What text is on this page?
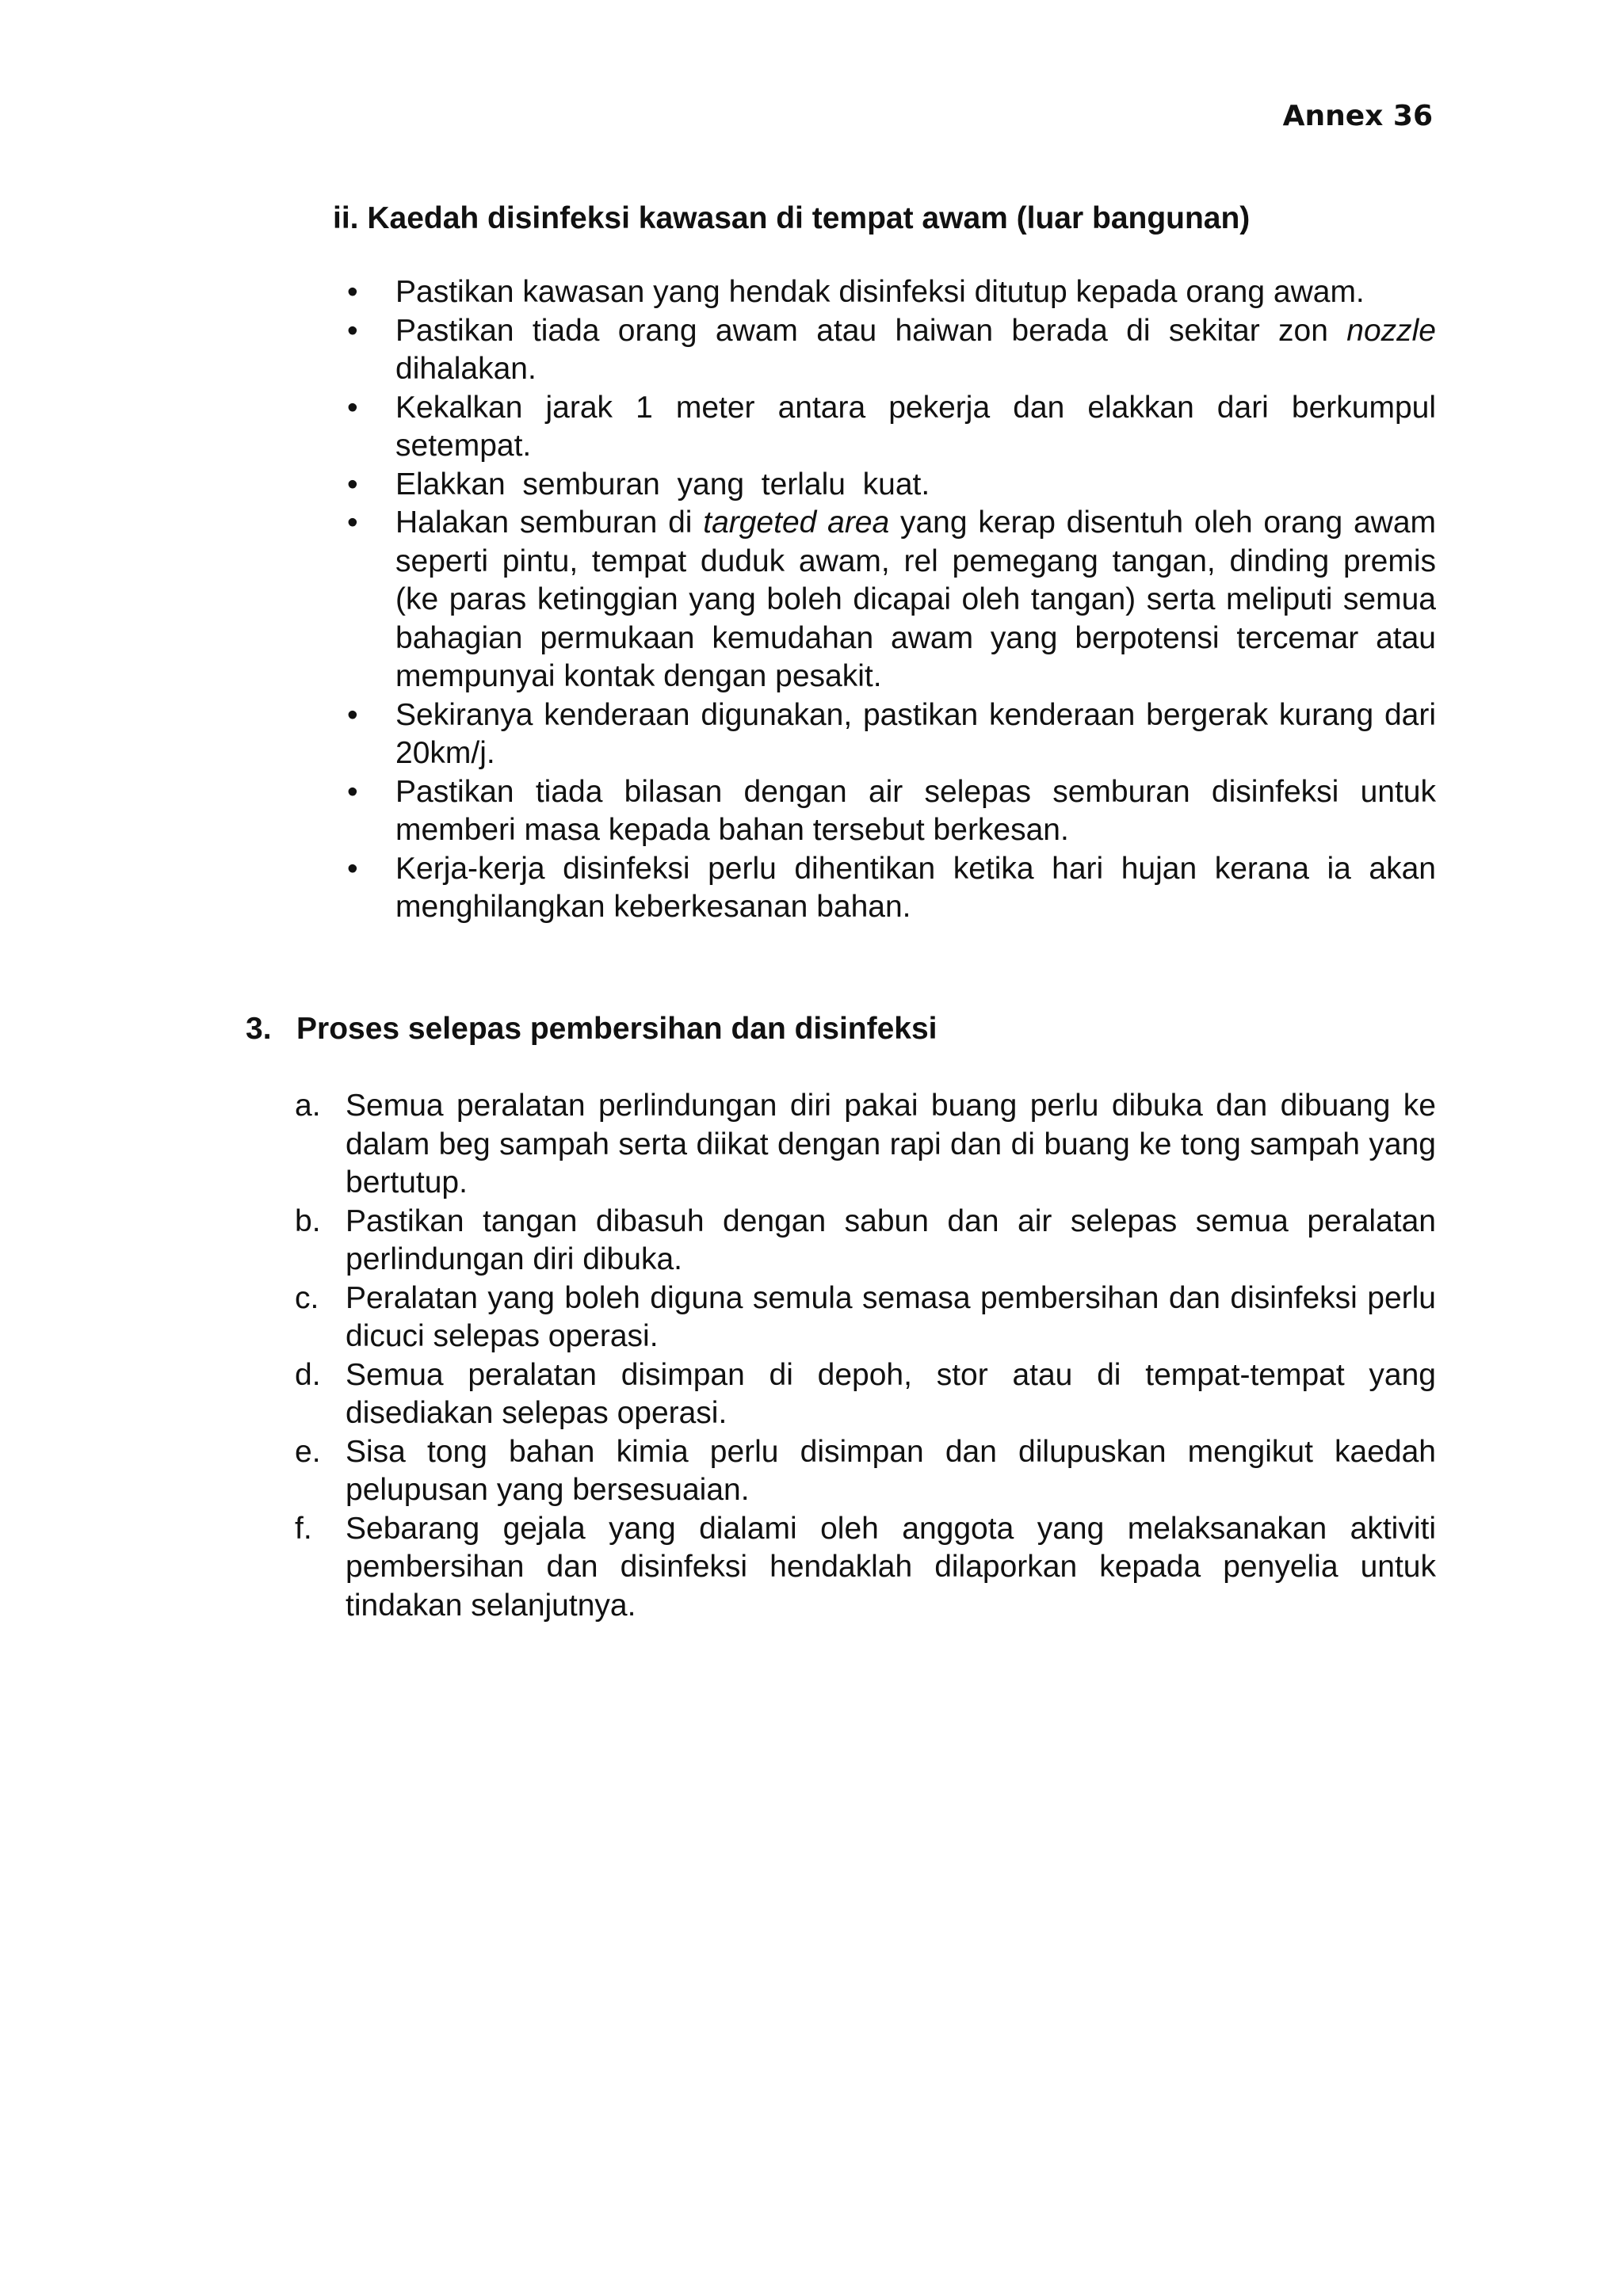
Annex 36
ii. Kaedah disinfeksi kawasan di tempat awam (luar bangunan)
• Pastikan kawasan yang hendak disinfeksi ditutup kepada orang awam.
• Pastikan tiada orang awam atau haiwan berada di sekitar zon nozzle dihalakan.
• Kekalkan jarak 1 meter antara pekerja dan elakkan dari berkumpul setempat.
• Elakkan  semburan  yang  terlalu  kuat.
• Halakan semburan di targeted area yang kerap disentuh oleh orang awam seperti pintu, tempat duduk awam, rel pemegang tangan, dinding premis (ke paras ketinggian yang boleh dicapai oleh tangan) serta meliputi semua bahagian permukaan kemudahan awam yang berpotensi tercemar atau mempunyai kontak dengan pesakit.
• Sekiranya kenderaan digunakan, pastikan kenderaan bergerak kurang dari 20km/j.
• Pastikan tiada bilasan dengan air selepas semburan disinfeksi untuk memberi masa kepada bahan tersebut berkesan.
• Kerja-kerja disinfeksi perlu dihentikan ketika hari hujan kerana ia akan menghilangkan keberkesanan bahan.
3. Proses selepas pembersihan dan disinfeksi
a. Semua peralatan perlindungan diri pakai buang perlu dibuka dan dibuang ke dalam beg sampah serta diikat dengan rapi dan di buang ke tong sampah yang bertutup.
b. Pastikan tangan dibasuh dengan sabun dan air selepas semua peralatan perlindungan diri dibuka.
c. Peralatan yang boleh diguna semula semasa pembersihan dan disinfeksi perlu dicuci selepas operasi.
d. Semua peralatan disimpan di depoh, stor atau di tempat-tempat yang disediakan selepas operasi.
e. Sisa tong bahan kimia perlu disimpan dan dilupuskan mengikut kaedah pelupusan yang bersesuaian.
f. Sebarang gejala yang dialami oleh anggota yang melaksanakan aktiviti pembersihan dan disinfeksi hendaklah dilaporkan kepada penyelia untuk tindakan selanjutnya.
